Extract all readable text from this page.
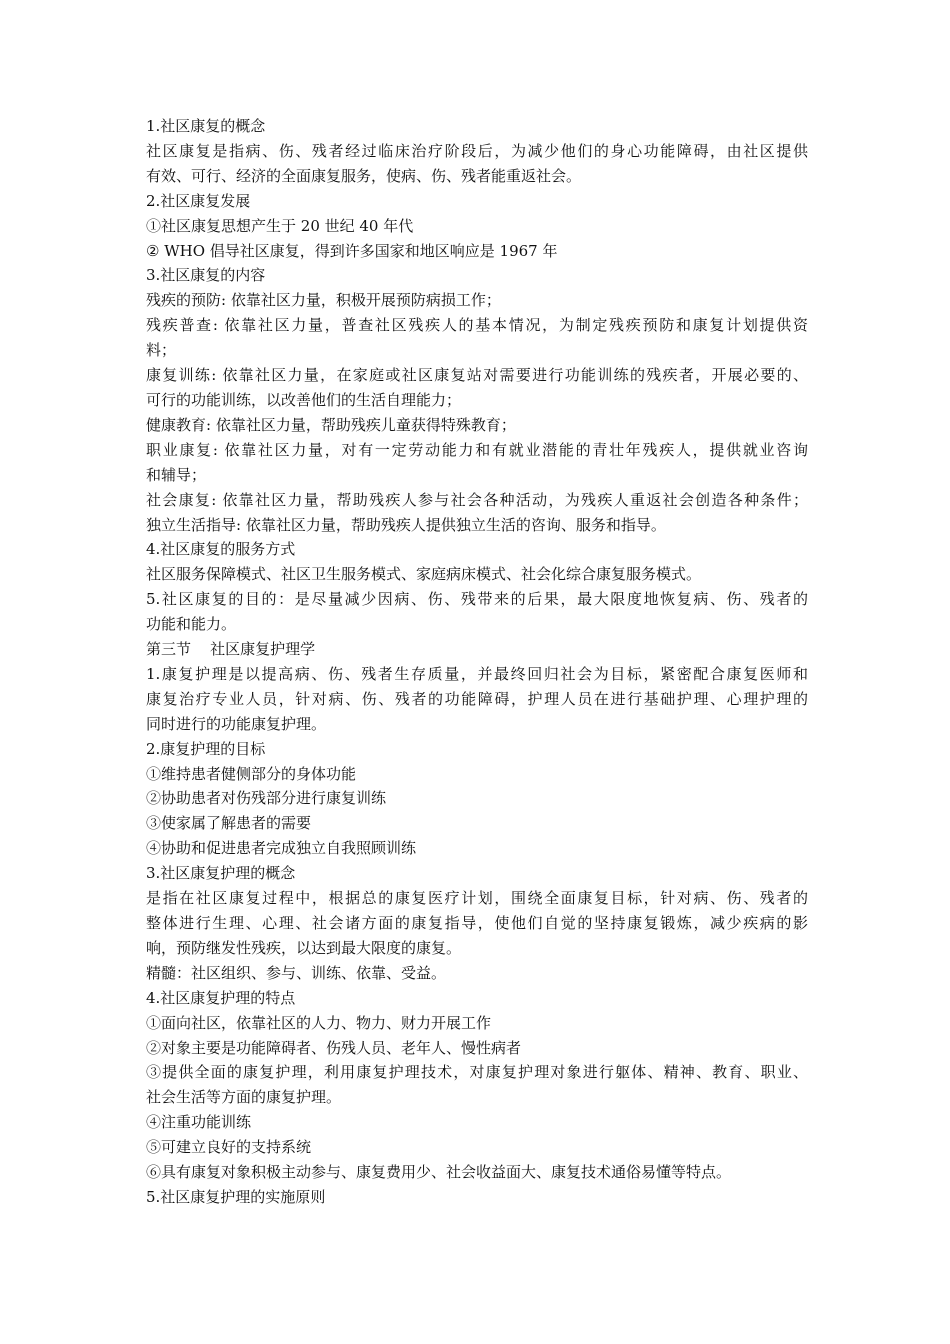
1.社区康复的概念
社区康复是指病、伤、残者经过临床治疗阶段后，为减少他们的身心功能障碍，由社区提供
有效、可行、经济的全面康复服务，使病、伤、残者能重返社会。
2.社区康复发展
①社区康复思想产生于 20 世纪 40 年代
② WHO 倡导社区康复，得到许多国家和地区响应是 1967 年
3.社区康复的内容
残疾的预防: 依靠社区力量，积极开展预防病损工作；
残疾普查: 依靠社区力量，普查社区残疾人的基本情况，为制定残疾预防和康复计划提供资
料；
康复训练: 依靠社区力量，在家庭或社区康复站对需要进行功能训练的残疾者，开展必要的、
可行的功能训练，以改善他们的生活自理能力；
健康教育: 依靠社区力量，帮助残疾儿童获得特殊教育；
职业康复: 依靠社区力量，对有一定劳动能力和有就业潜能的青壮年残疾人，提供就业咨询
和辅导；
社会康复: 依靠社区力量，帮助残疾人参与社会各种活动，为残疾人重返社会创造各种条件；
独立生活指导: 依靠社区力量，帮助残疾人提供独立生活的咨询、服务和指导。
4.社区康复的服务方式
社区服务保障模式、社区卫生服务模式、家庭病床模式、社会化综合康复服务模式。
5.社区康复的目的：是尽量减少因病、伤、残带来的后果，最大限度地恢复病、伤、残者的
功能和能力。
第三节    社区康复护理学
1.康复护理是以提高病、伤、残者生存质量，并最终回归社会为目标，紧密配合康复医师和
康复治疗专业人员，针对病、伤、残者的功能障碍，护理人员在进行基础护理、心理护理的
同时进行的功能康复护理。
2.康复护理的目标
①维持患者健侧部分的身体功能
②协助患者对伤残部分进行康复训练
③使家属了解患者的需要
④协助和促进患者完成独立自我照顾训练
3.社区康复护理的概念
是指在社区康复过程中，根据总的康复医疗计划，围绕全面康复目标，针对病、伤、残者的
整体进行生理、心理、社会诸方面的康复指导，使他们自觉的坚持康复锻炼，减少疾病的影
响，预防继发性残疾，以达到最大限度的康复。
精髓：社区组织、参与、训练、依靠、受益。
4.社区康复护理的特点
①面向社区，依靠社区的人力、物力、财力开展工作
②对象主要是功能障碍者、伤残人员、老年人、慢性病者
③提供全面的康复护理，利用康复护理技术，对康复护理对象进行躯体、精神、教育、职业、
社会生活等方面的康复护理。
④注重功能训练
⑤可建立良好的支持系统
⑥具有康复对象积极主动参与、康复费用少、社会收益面大、康复技术通俗易懂等特点。
5.社区康复护理的实施原则
